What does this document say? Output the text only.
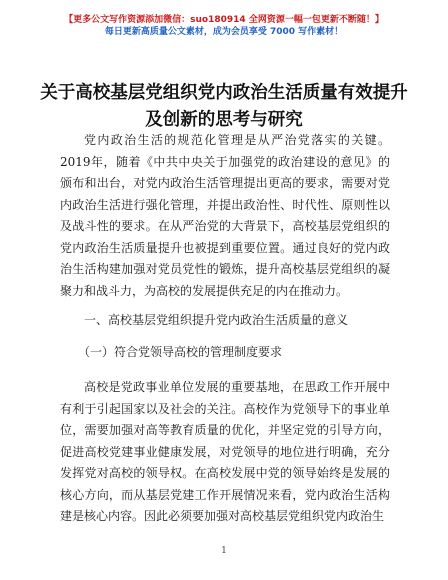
【更多公文写作资源添加微信：suo180914 全网资源一幅一包更新不断随！】
每日更新高质量公文素材，成为会员享受 7000 写作素材！
关于高校基层党组织党内政治生活质量有效提升及创新的思考与研究

党内政治生活的规范化管理是从严治党落实的关键。2019年，随着《中共中央关于加强党的政治建设的意见》的颁布和出台，对党内政治生活管理提出更高的要求，需要对党内政治生活进行强化管理，并提出政治性、时代性、原则性以及战斗性的要求。在从严治党的大背景下，高校基层党组织的党内政治生活质量提升也被提到重要位置。通过良好的党内政治生活构建加强对党员党性的锻炼，提升高校基层党组织的凝聚力和战斗力，为高校的发展提供充足的内在推动力。

一、高校基层党组织提升党内政治生活质量的意义

（一）符合党领导高校的管理制度要求

高校是党政事业单位发展的重要基地，在思政工作开展中有利于引起国家以及社会的关注。高校作为党领导下的事业单位，需要加强对高等教育质量的优化，并坚定党的引导方向，促进高校党建事业健康发展，对党领导的地位进行明确，充分发挥党对高校的领导权。在高校发展中党的领导始终是发展的核心方向，而从基层党建工作开展情况来看，党内政治生活构建是核心内容。因此必须要加强对高校基层党组织党内政治生

1
